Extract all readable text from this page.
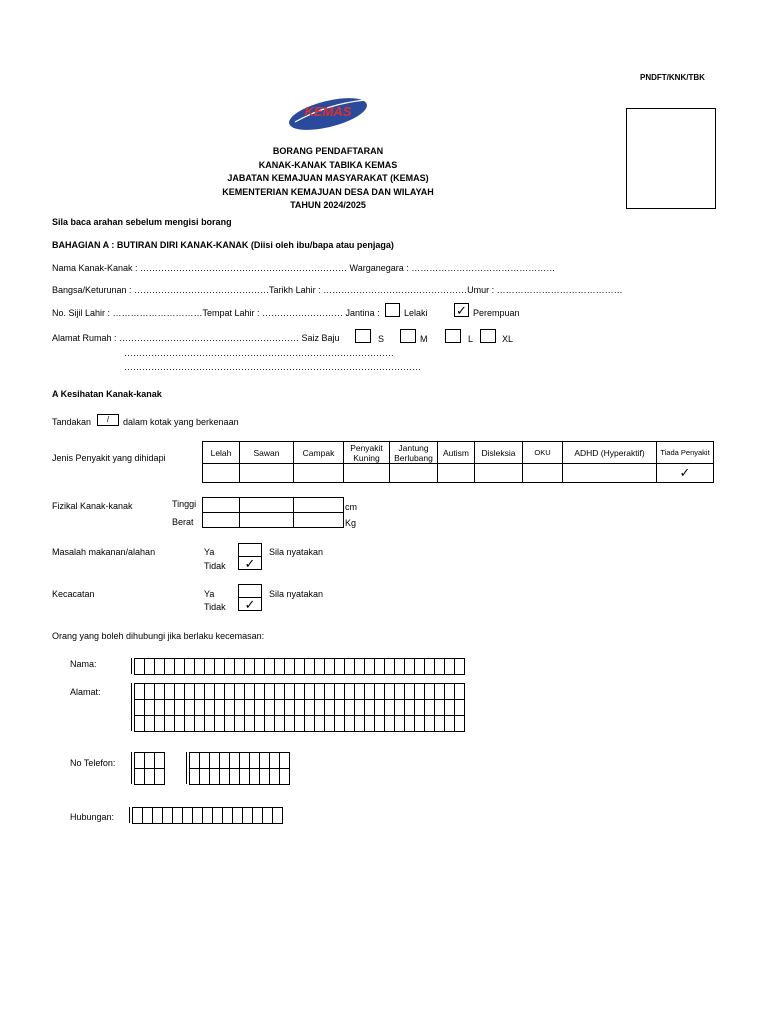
PNDFT/KNK/TBK
KEMAS
BORANG PENDAFTARAN
KANAK-KANAK TABIKA KEMAS
JABATAN KEMAJUAN MASYARAKAT (KEMAS)
KEMENTERIAN KEMAJUAN DESA DAN WILAYAH
TAHUN 2024/2025
Sila baca arahan sebelum mengisi borang
BAHAGIAN A : BUTIRAN DIRI KANAK-KANAK (Diisi oleh ibu/bapa atau penjaga)
Nama Kanak-Kanak : …………………………………………………………… Warganegara : …………………………………………
Bangsa/Keturunan : ………………………………………Tarikh Lahir : …………………………………………Umur : ……………………………………
No. Sijil Lahir : …………………………Tempat Lahir : ……………………… Jantina :	Lelaki ✓ Perempuan
Alamat Rumah : …………………………………………………… Saiz Baju	S	M	L	XL
………………………………………………………………………………
………………………………………………………………………………………
A Kesihatan Kanak-kanak
Tandakan	/	dalam kotak yang berkenaan
Jenis Penyakit yang dihidapi
Lelah	Sawan	Campak	Penyakit Kuning	Jantung Berlubang	Autism	Disleksia	OKU	ADHD (Hyperaktif)	Tiada Penyakit
									✓
Fizikal Kanak-kanak	Tinggi
Berat

cm
Kg
Masalah makanan/alahan	Ya
Tidak	✓
Sila nyatakan
Kecacatan	Ya
Tidak	✓
Sila nyatakan
Orang yang boleh dihubungi jika berlaku kecemasan:
Nama:
Alamat:
No Telefon:
Hubungan:
